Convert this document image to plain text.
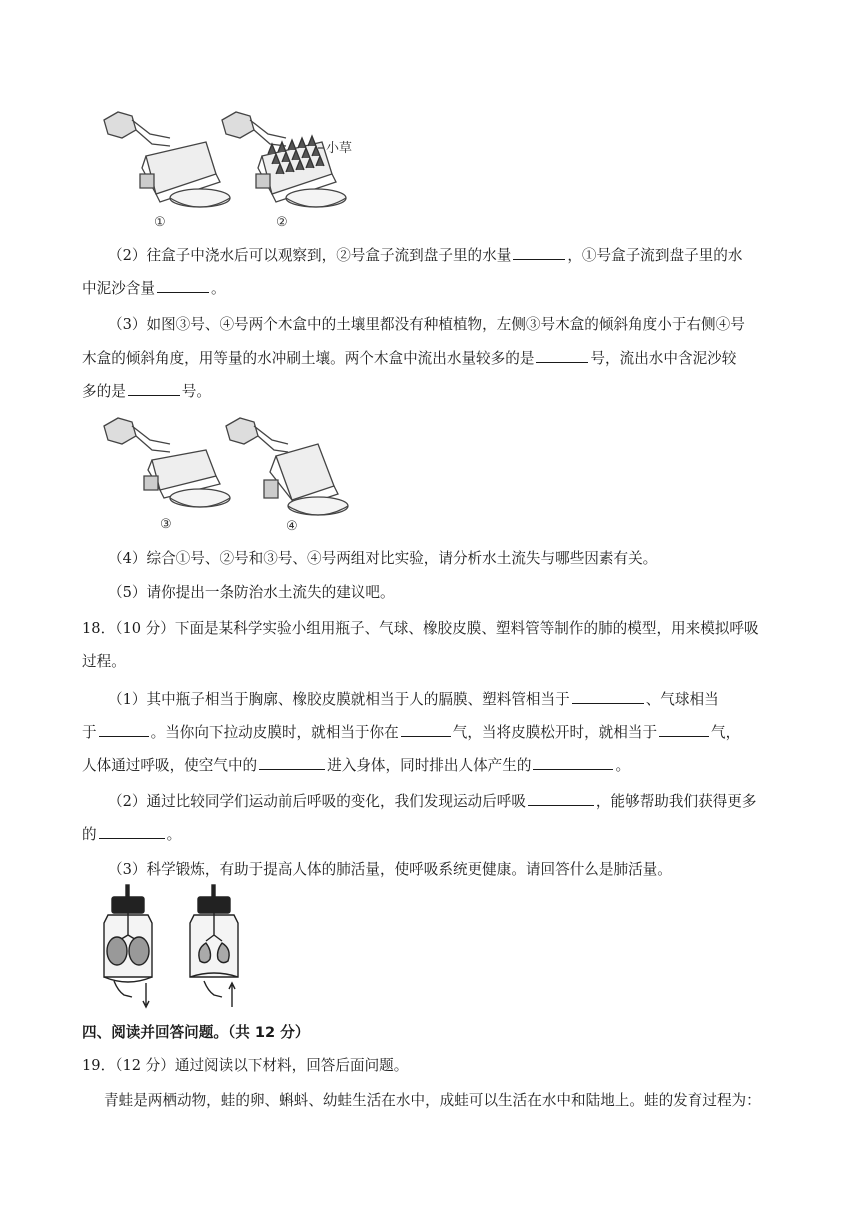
小草
①	②
（2）往盒子中浇水后可以观察到，②号盒子流到盘子里的水量	，①号盒子流到盘子里的水
中泥沙含量	。
（3）如图③号、④号两个木盒中的土壤里都没有种植植物，左侧③号木盒的倾斜角度小于右侧④号
木盒的倾斜角度，用等量的水冲刷土壤。两个木盒中流出水量较多的是	号，流出水中含泥沙较
多的是	号。
③	④
（4）综合①号、②号和③号、④号两组对比实验，请分析水土流失与哪些因素有关。
（5）请你提出一条防治水土流失的建议吧。
18．（10 分）下面是某科学实验小组用瓶子、气球、橡胶皮膜、塑料管等制作的肺的模型，用来模拟呼吸
过程。
（1）其中瓶子相当于胸廓、橡胶皮膜就相当于人的膈膜、塑料管相当于	、气球相当
于	。当你向下拉动皮膜时，就相当于你在	气，当将皮膜松开时，就相当于	气，
人体通过呼吸，使空气中的	进入身体，同时排出人体产生的	。
（2）通过比较同学们运动前后呼吸的变化，我们发现运动后呼吸	，能够帮助我们获得更多
的	。
（3）科学锻炼，有助于提高人体的肺活量，使呼吸系统更健康。请回答什么是肺活量。
四、阅读并回答问题。（共 12 分）
19．（12 分）通过阅读以下材料，回答后面问题。
青蛙是两栖动物，蛙的卵、蝌蚪、幼蛙生活在水中，成蛙可以生活在水中和陆地上。蛙的发育过程为：
